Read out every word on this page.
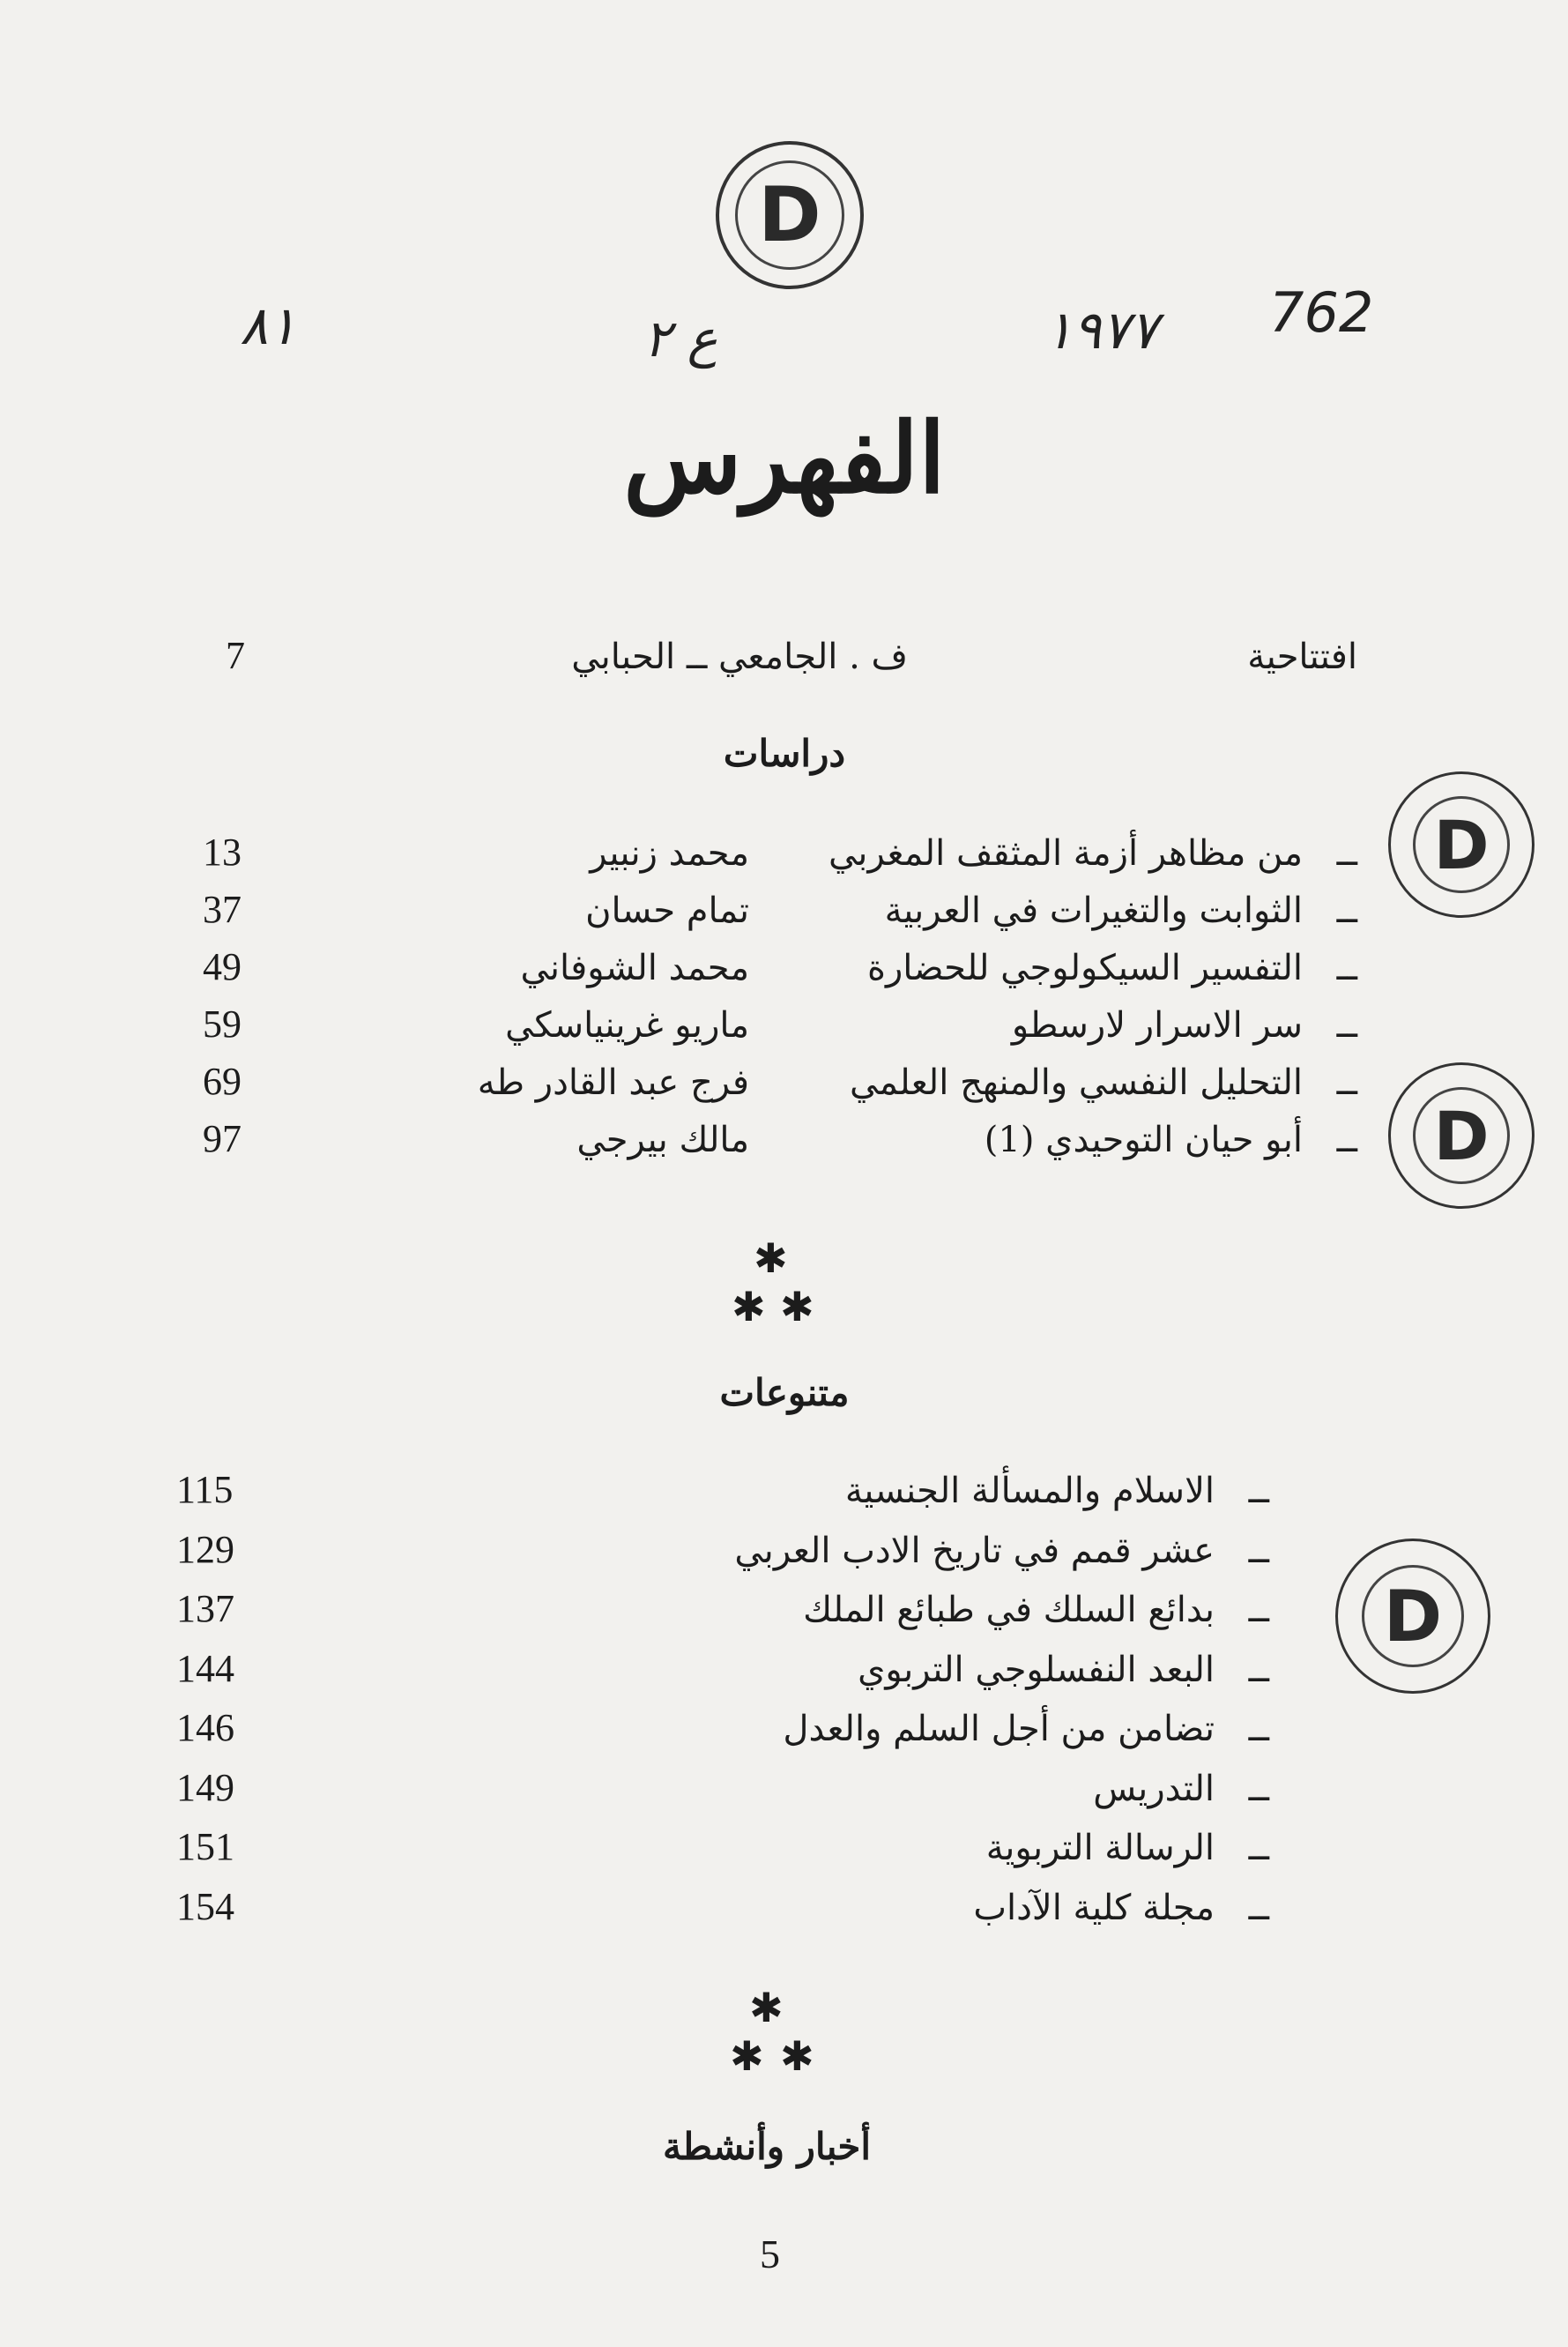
D
٨١	ع ٢	١٩٧٧ 762
الفهرس
افتتاحية
ف . الجامعي ــ الحبابي
7
دراسات
ــ
من مظاهر أزمة المثقف المغربي
محمد زنبير
13
ــ
الثوابت والتغيرات في العربية
تمام حسان
37
ــ
التفسير السيكولوجي للحضارة
محمد الشوفاني
49
ــ
سر الاسرار لارسطو
ماريو غرينياسكي
59
ــ
التحليل النفسي والمنهج العلمي
فرج عبد القادر طه
69
ــ
أبو حيان التوحيدي (1)
مالك بيرجي
97
✱
✱ ✱
متنوعات
ــ
الاسلام والمسألة الجنسية
115
ــ
عشر قمم في تاريخ الادب العربي
129
ــ
بدائع السلك في طبائع الملك
137
ــ
البعد النفسلوجي التربوي
144
ــ
تضامن من أجل السلم والعدل
146
ــ
التدريس
149
ــ
الرسالة التربوية
151
ــ
مجلة كلية الآداب
154
✱
✱ ✱
أخبار وأنشطة
5
D
D
D
